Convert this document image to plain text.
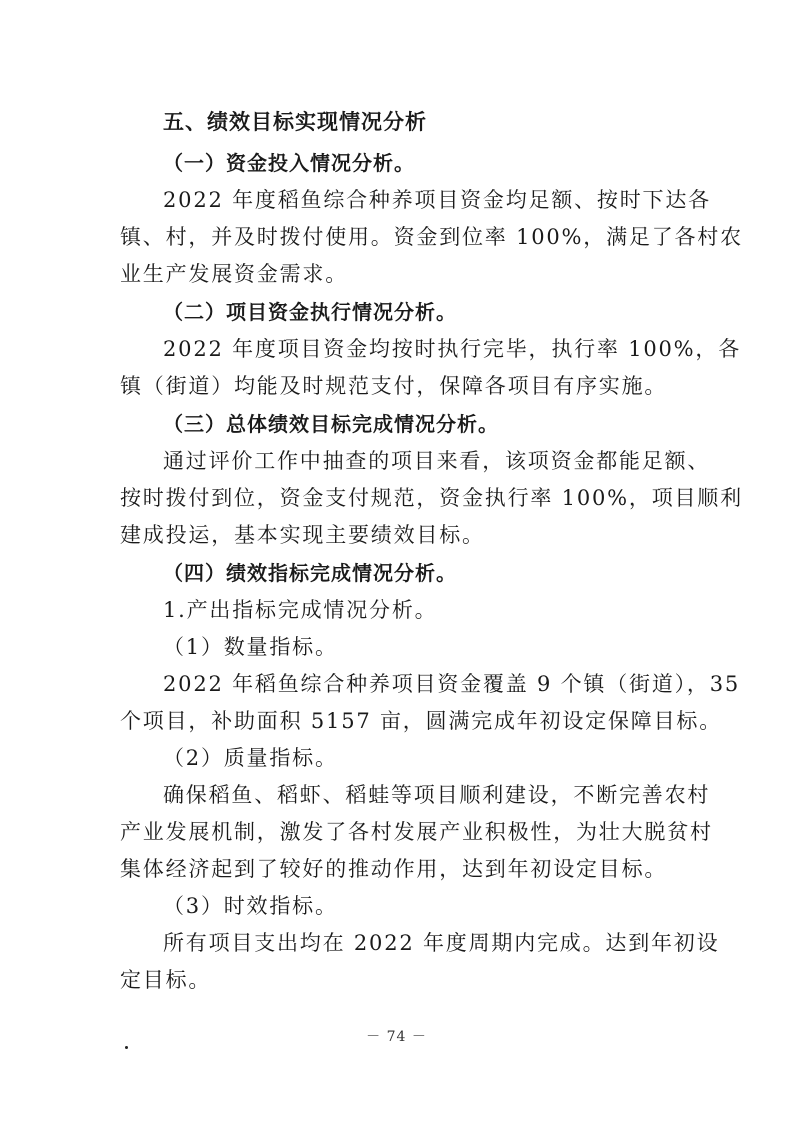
五、绩效目标实现情况分析
（一）资金投入情况分析。
2022 年度稻鱼综合种养项目资金均足额、按时下达各
镇、村，并及时拨付使用。资金到位率 100%，满足了各村农
业生产发展资金需求。
（二）项目资金执行情况分析。
2022 年度项目资金均按时执行完毕，执行率 100%，各
镇（街道）均能及时规范支付，保障各项目有序实施。
（三）总体绩效目标完成情况分析。
通过评价工作中抽查的项目来看，该项资金都能足额、
按时拨付到位，资金支付规范，资金执行率 100%，项目顺利
建成投运，基本实现主要绩效目标。
（四）绩效指标完成情况分析。
1.产出指标完成情况分析。
（1）数量指标。
2022 年稻鱼综合种养项目资金覆盖 9 个镇（街道），35
个项目，补助面积 5157 亩，圆满完成年初设定保障目标。
（2）质量指标。
确保稻鱼、稻虾、稻蛙等项目顺利建设，不断完善农村
产业发展机制，激发了各村发展产业积极性，为壮大脱贫村
集体经济起到了较好的推动作用，达到年初设定目标。
（3）时效指标。
所有项目支出均在 2022 年度周期内完成。达到年初设
定目标。
－ 74 －
